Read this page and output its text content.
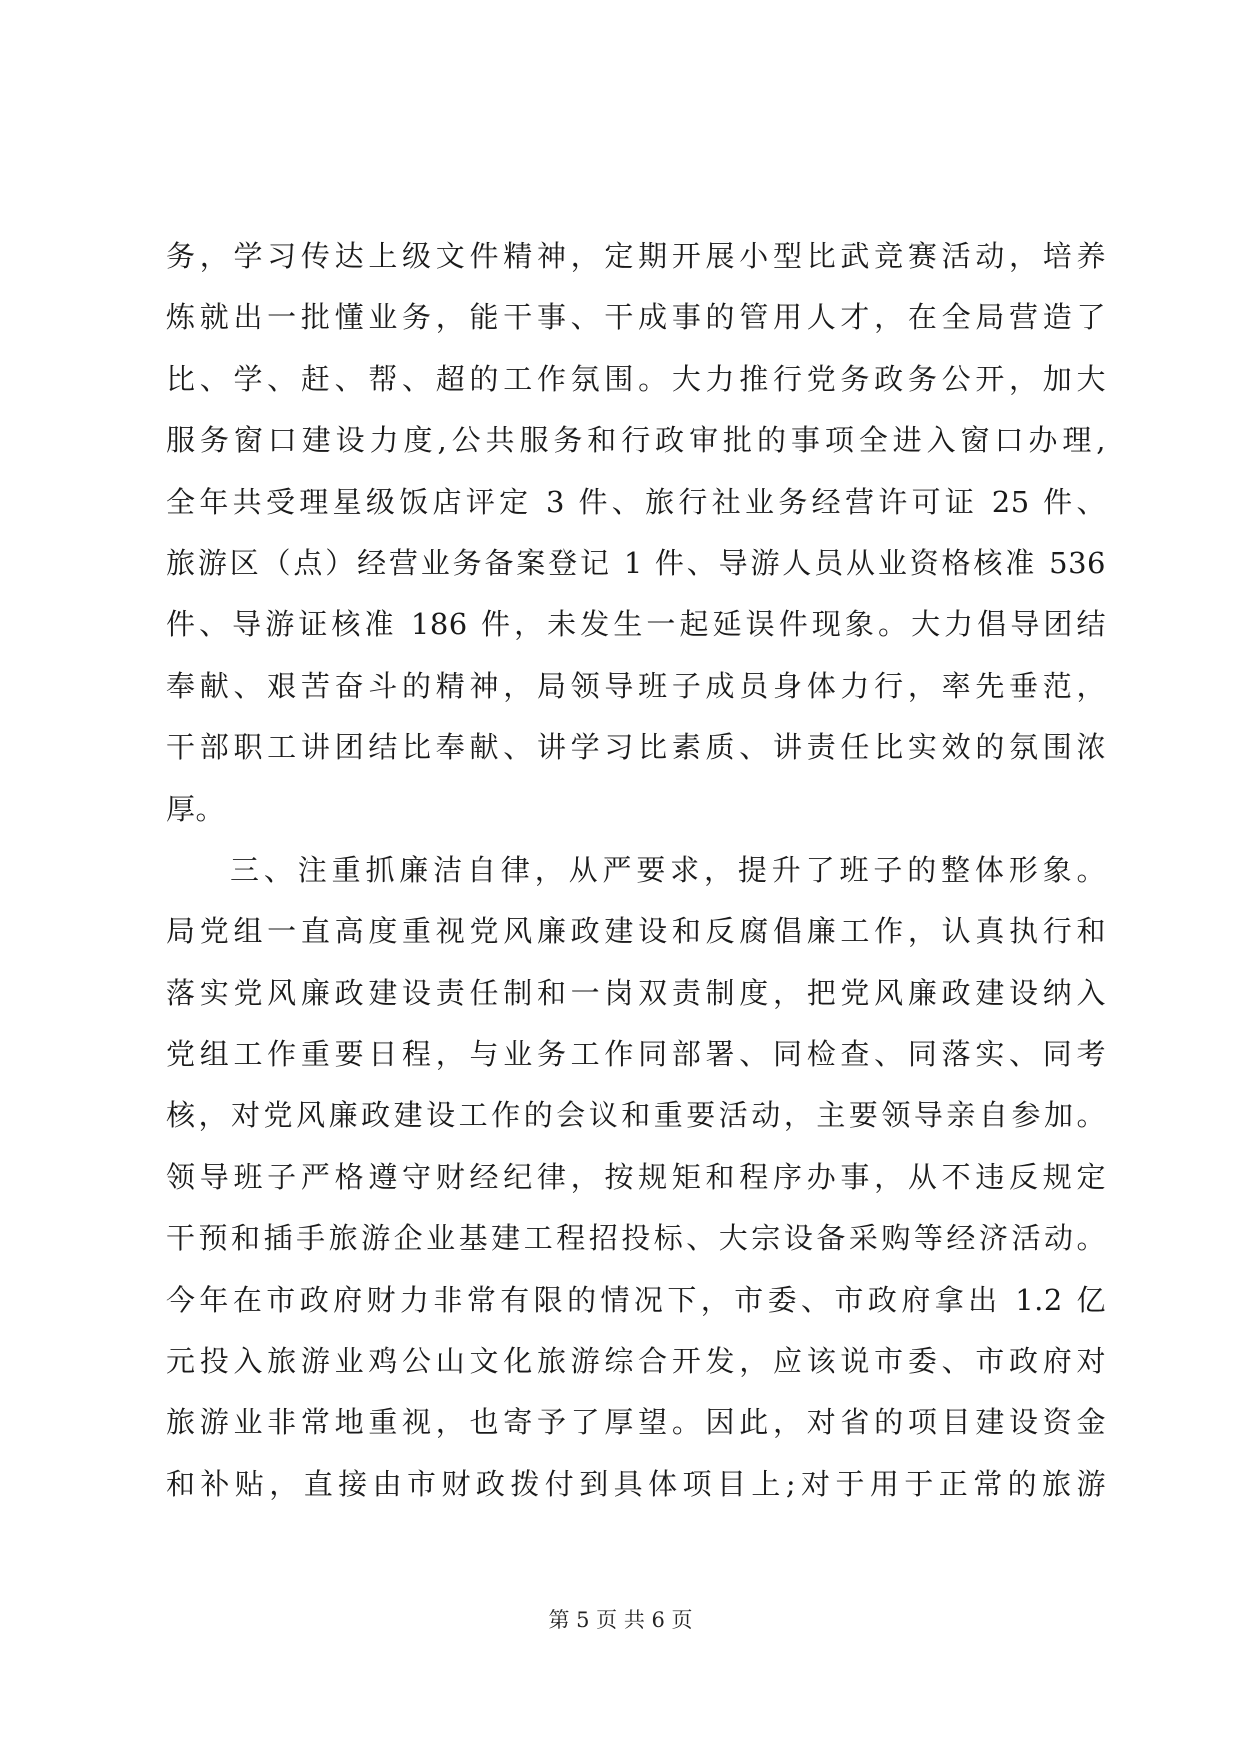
务，学习传达上级文件精神，定期开展小型比武竞赛活动，培养
炼就出一批懂业务，能干事、干成事的管用人才，在全局营造了
比、学、赶、帮、超的工作氛围。大力推行党务政务公开，加大
服务窗口建设力度,公共服务和行政审批的事项全进入窗口办理,
全年共受理星级饭店评定 3 件、旅行社业务经营许可证 25 件、
旅游区（点）经营业务备案登记 1 件、导游人员从业资格核准 536
件、导游证核准 186 件，未发生一起延误件现象。大力倡导团结
奉献、艰苦奋斗的精神，局领导班子成员身体力行，率先垂范，
干部职工讲团结比奉献、讲学习比素质、讲责任比实效的氛围浓
厚。
三、注重抓廉洁自律，从严要求，提升了班子的整体形象。
局党组一直高度重视党风廉政建设和反腐倡廉工作，认真执行和
落实党风廉政建设责任制和一岗双责制度，把党风廉政建设纳入
党组工作重要日程，与业务工作同部署、同检查、同落实、同考
核，对党风廉政建设工作的会议和重要活动，主要领导亲自参加。
领导班子严格遵守财经纪律，按规矩和程序办事，从不违反规定
干预和插手旅游企业基建工程招投标、大宗设备采购等经济活动。
今年在市政府财力非常有限的情况下，市委、市政府拿出 1.2 亿
元投入旅游业鸡公山文化旅游综合开发，应该说市委、市政府对
旅游业非常地重视，也寄予了厚望。因此，对省的项目建设资金
和补贴，直接由市财政拨付到具体项目上;对于用于正常的旅游
第 5 页 共 6 页
